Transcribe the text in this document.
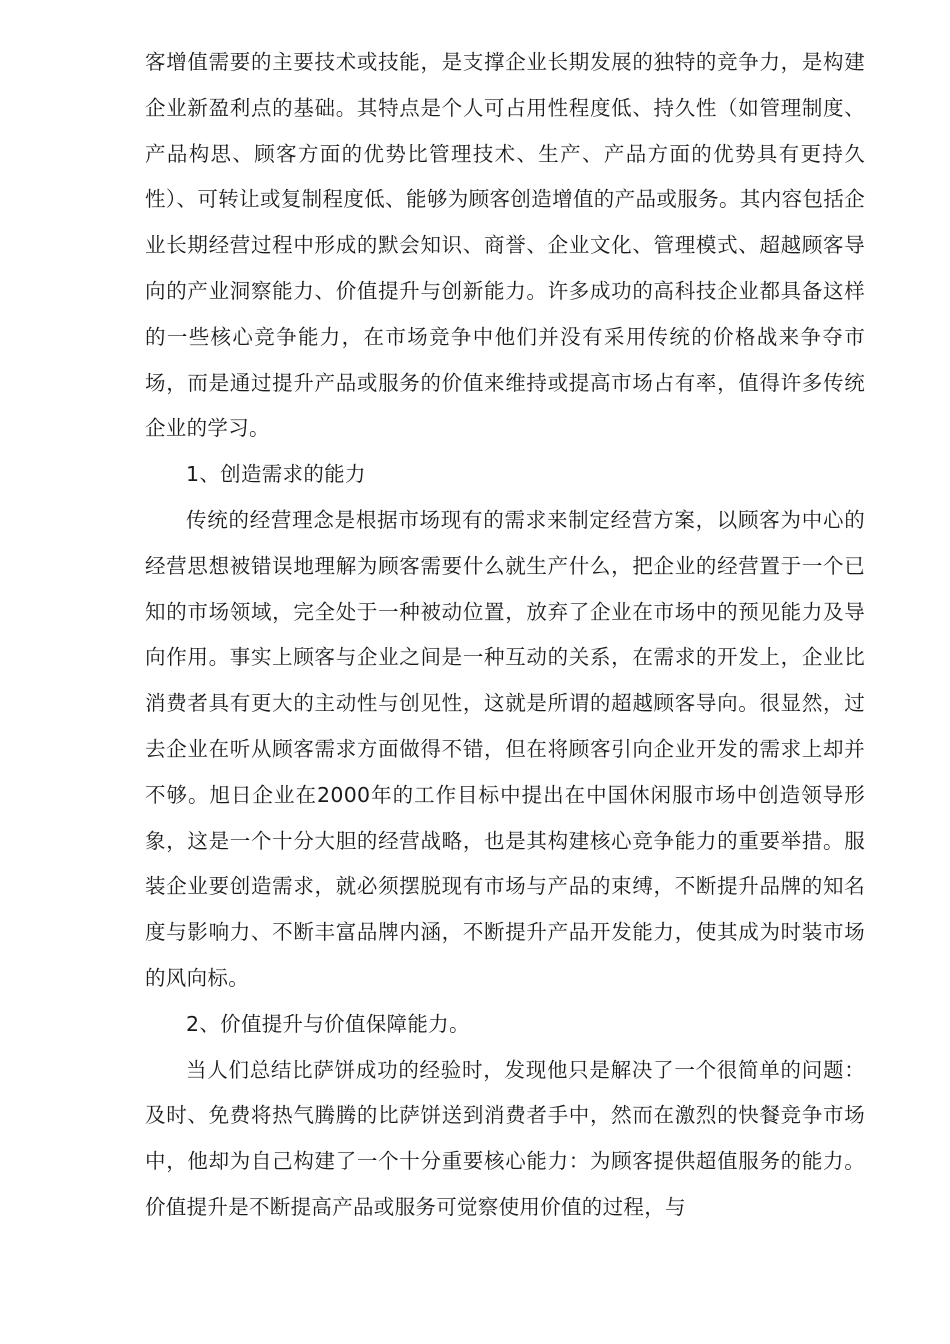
客增值需要的主要技术或技能，是支撑企业长期发展的独特的竞争力，是构建企业新盈利点的基础。其特点是个人可占用性程度低、持久性（如管理制度、产品构思、顾客方面的优势比管理技术、生产、产品方面的优势具有更持久性）、可转让或复制程度低、能够为顾客创造增值的产品或服务。其内容包括企业长期经营过程中形成的默会知识、商誉、企业文化、管理模式、超越顾客导向的产业洞察能力、价值提升与创新能力。许多成功的高科技企业都具备这样的一些核心竞争能力，在市场竞争中他们并没有采用传统的价格战来争夺市场，而是通过提升产品或服务的价值来维持或提高市场占有率，值得许多传统企业的学习。

1、创造需求的能力

传统的经营理念是根据市场现有的需求来制定经营方案，以顾客为中心的经营思想被错误地理解为顾客需要什么就生产什么，把企业的经营置于一个已知的市场领域，完全处于一种被动位置，放弃了企业在市场中的预见能力及导向作用。事实上顾客与企业之间是一种互动的关系，在需求的开发上，企业比消费者具有更大的主动性与创见性，这就是所谓的超越顾客导向。很显然，过去企业在听从顾客需求方面做得不错，但在将顾客引向企业开发的需求上却并不够。旭日企业在2000年的工作目标中提出在中国休闲服市场中创造领导形象，这是一个十分大胆的经营战略，也是其构建核心竞争能力的重要举措。服装企业要创造需求，就必须摆脱现有市场与产品的束缚，不断提升品牌的知名度与影响力、不断丰富品牌内涵，不断提升产品开发能力，使其成为时装市场的风向标。

2、价值提升与价值保障能力。

当人们总结比萨饼成功的经验时，发现他只是解决了一个很简单的问题：及时、免费将热气腾腾的比萨饼送到消费者手中，然而在激烈的快餐竞争市场中，他却为自己构建了一个十分重要核心能力：为顾客提供超值服务的能力。价值提升是不断提高产品或服务可觉察使用价值的过程，与
